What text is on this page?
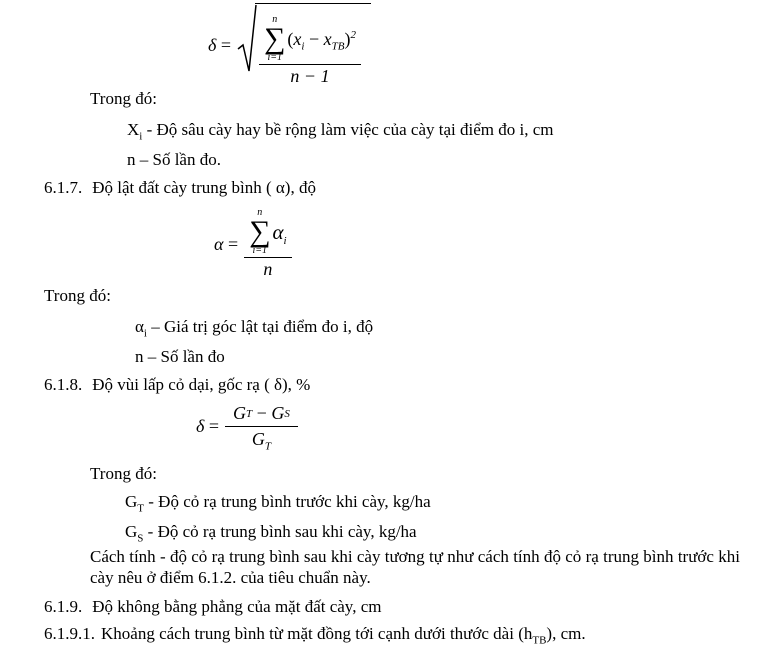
δ =
n
∑
i=1
$(x_i - x_{TB})^2$
n − 1
Trong đó:
$X_i$ - Độ sâu cày hay bề rộng làm việc của cày tại điểm đo i, cm
n – Số lần đo.
6.1.7. Độ lật đất cày trung bình ( α), độ
α = n
∑
i=1
$\alpha_i$
n
Trong đó:
$\alpha_i$ – Giá trị góc lật tại điểm đo i, độ
n – Số lần đo
6.1.8. Độ vùi lấp cỏ dại, gốc rạ ( δ), %
δ = G T
−
G S
$G_T$
Trong đó:
$G_T$ - Độ cỏ rạ trung bình trước khi cày, kg/ha
$G_S$ - Độ cỏ rạ trung bình sau khi cày, kg/ha
Cách tính - độ cỏ rạ trung bình sau khi cày tương tự như cách tính độ cỏ rạ trung bình trước khi cày nêu ở điểm 6.1.2. của tiêu chuẩn này.
6.1.9. Độ không bằng phẳng của mặt đất cày, cm
6.1.9.1. Khoảng cách trung bình từ mặt đồng tới cạnh dưới thước dài $(h_{TB})$, cm.
